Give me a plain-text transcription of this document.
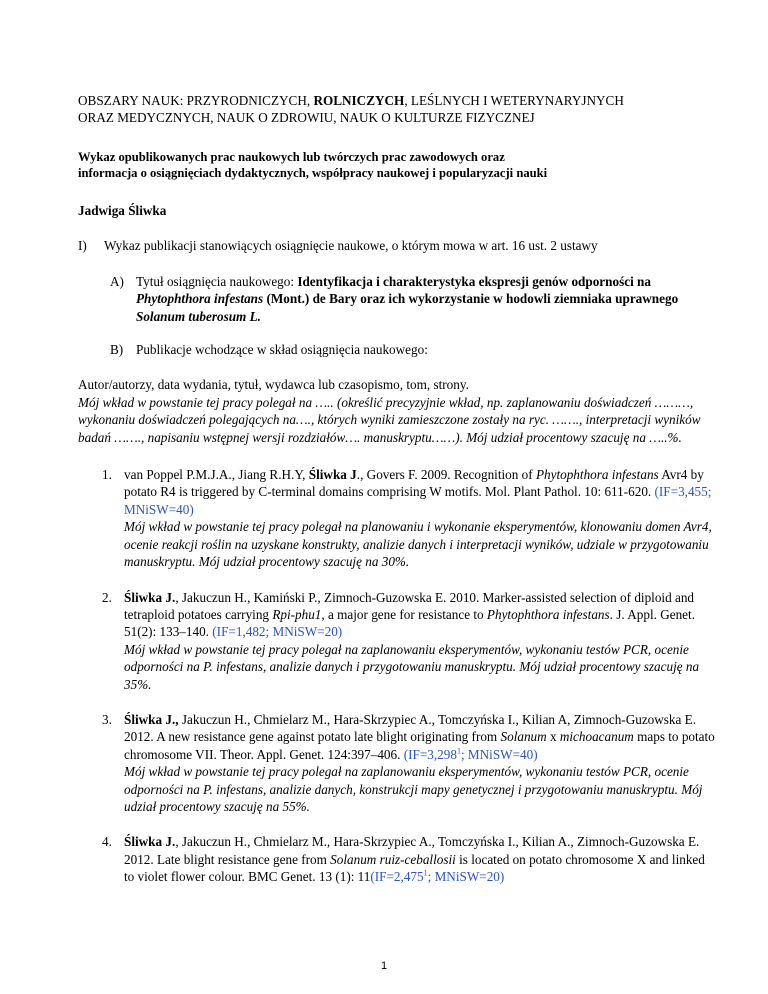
OBSZARY NAUK: PRZYRODNICZYCH, ROLNICZYCH, LEŚLNYCH I WETERYNARYJNYCH
ORAZ MEDYCZNYCH, NAUK O ZDROWIU, NAUK O KULTURZE FIZYCZNEJ
Wykaz opublikowanych prac naukowych lub twórczych prac zawodowych oraz
informacja o osiągnięciach dydaktycznych, współpracy naukowej i popularyzacji nauki
Jadwiga Śliwka
I)	Wykaz publikacji stanowiących osiągnięcie naukowe, o którym mowa w art. 16 ust. 2 ustawy
A) Tytuł osiągnięcia naukowego: Identyfikacja i charakterystyka ekspresji genów odporności na Phytophthora infestans (Mont.) de Bary oraz ich wykorzystanie w hodowli ziemniaka uprawnego Solanum tuberosum L.
B) Publikacje wchodzące w skład osiągnięcia naukowego:
Autor/autorzy, data wydania, tytuł, wydawca lub czasopismo, tom, strony.
Mój wkład w powstanie tej pracy polegał na ….. (określić precyzyjnie wkład, np. zaplanowaniu doświadczeń ………, wykonaniu doświadczeń polegających na…., których wyniki zamieszczone zostały na ryc. ……., interpretacji wyników badań ……., napisaniu wstępnej wersji rozdziałów…. manuskryptu……). Mój udział procentowy szacuję na …..%.
1. van Poppel P.M.J.A., Jiang R.H.Y, Śliwka J., Govers F. 2009. Recognition of Phytophthora infestans Avr4 by potato R4 is triggered by C-terminal domains comprising W motifs. Mol. Plant Pathol. 10: 611-620. (IF=3,455; MNiSW=40)
Mój wkład w powstanie tej pracy polegał na planowaniu i wykonanie eksperymentów, klonowaniu domen Avr4, ocenie reakcji roślin na uzyskane konstrukty, analizie danych i interpretacji wyników, udziale w przygotowaniu manuskryptu. Mój udział procentowy szacuję na 30%.
2. Śliwka J., Jakuczun H., Kamiński P., Zimnoch-Guzowska E. 2010. Marker-assisted selection of diploid and tetraploid potatoes carrying Rpi-phu1, a major gene for resistance to Phytophthora infestans. J. Appl. Genet. 51(2): 133–140. (IF=1,482; MNiSW=20)
Mój wkład w powstanie tej pracy polegał na zaplanowaniu eksperymentów, wykonaniu testów PCR, ocenie odporności na P. infestans, analizie danych i przygotowaniu manuskryptu. Mój udział procentowy szacuję na 35%.
3. Śliwka J., Jakuczun H., Chmielarz M., Hara-Skrzypiec A., Tomczyńska I., Kilian A, Zimnoch-Guzowska E. 2012. A new resistance gene against potato late blight originating from Solanum x michoacanum maps to potato chromosome VII. Theor. Appl. Genet. 124:397–406. ($IF=3,298^1$; MNiSW=40)
Mój wkład w powstanie tej pracy polegał na zaplanowaniu eksperymentów, wykonaniu testów PCR, ocenie odporności na P. infestans, analizie danych, konstrukcji mapy genetycznej i przygotowaniu manuskryptu. Mój udział procentowy szacuję na 55%.
4. Śliwka J., Jakuczun H., Chmielarz M., Hara-Skrzypiec A., Tomczyńska I., Kilian A., Zimnoch-Guzowska E. 2012. Late blight resistance gene from Solanum ruiz-ceballosii is located on potato chromosome X and linked to violet flower colour. BMC Genet. 13 (1): $11(IF=2,475^1$; MNiSW=20)
1
